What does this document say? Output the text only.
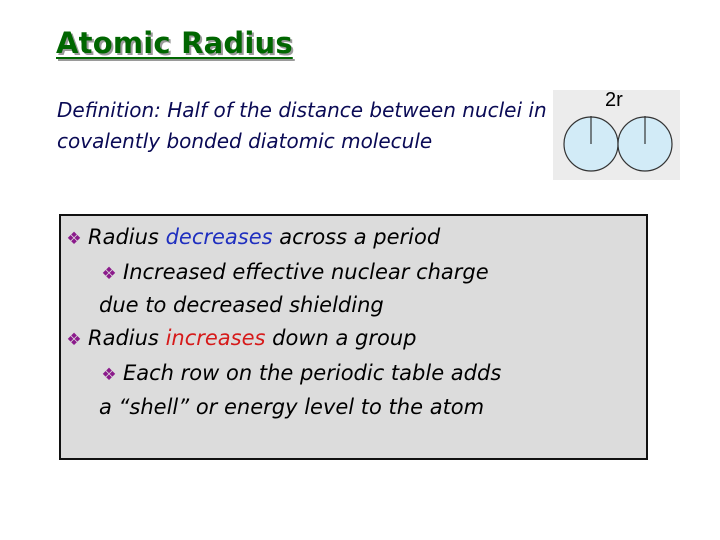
Atomic Radius

Definition: Half of the distance between nuclei in covalently bonded diatomic molecule

2r
❖ Radius decreases across a period
❖ Increased effective nuclear charge
due to decreased shielding
❖ Radius increases down a group
❖ Each row on the periodic table adds
a “shell” or energy level to the atom
